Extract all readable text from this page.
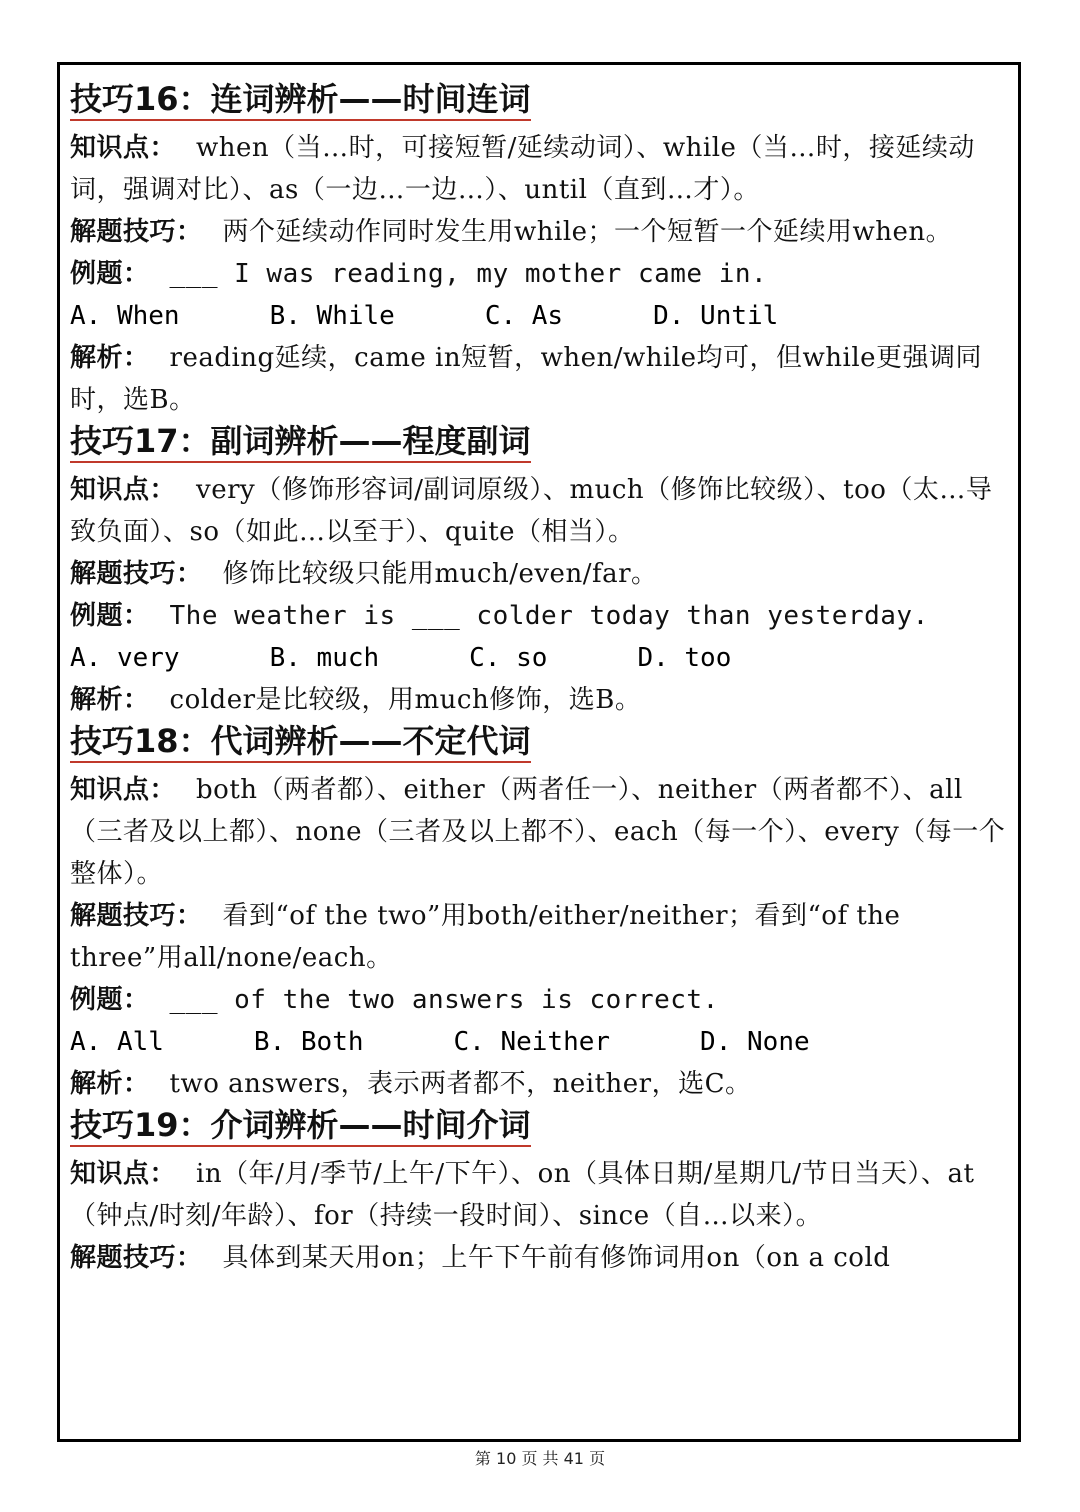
技巧16：连词辨析——时间连词

知识点： when（当…时，可接短暂/延续动词）、while（当…时，接延续动词，强调对比）、as（一边…一边…）、until（直到…才）。

解题技巧： 两个延续动作同时发生用while；一个短暂一个延续用when。

例题： ___ I was reading, my mother came in.

A. When	B. While	C. As	D. Until

解析： reading延续，came in短暂，when/while均可，但while更强调同时，选B。

技巧17：副词辨析——程度副词

知识点： very（修饰形容词/副词原级）、much（修饰比较级）、too（太…导致负面）、so（如此…以至于）、quite（相当）。

解题技巧： 修饰比较级只能用much/even/far。

例题： The weather is ___ colder today than yesterday.

A. very	B. much	C. so	D. too

解析： colder是比较级，用much修饰，选B。

技巧18：代词辨析——不定代词

知识点： both（两者都）、either（两者任一）、neither（两者都不）、all（三者及以上都）、none（三者及以上都不）、each（每一个）、every（每一个整体）。

解题技巧： 看到“of the two”用both/either/neither；看到“of the three”用all/none/each。

例题： ___ of the two answers is correct.

A. All	B. Both	C. Neither	D. None

解析： two answers，表示两者都不，neither，选C。

技巧19：介词辨析——时间介词

知识点： in（年/月/季节/上午/下午）、on（具体日期/星期几/节日当天）、at（钟点/时刻/年龄）、for（持续一段时间）、since（自…以来）。

解题技巧： 具体到某天用on；上午下午前有修饰词用on（on a cold

第 10 页 共 41 页
